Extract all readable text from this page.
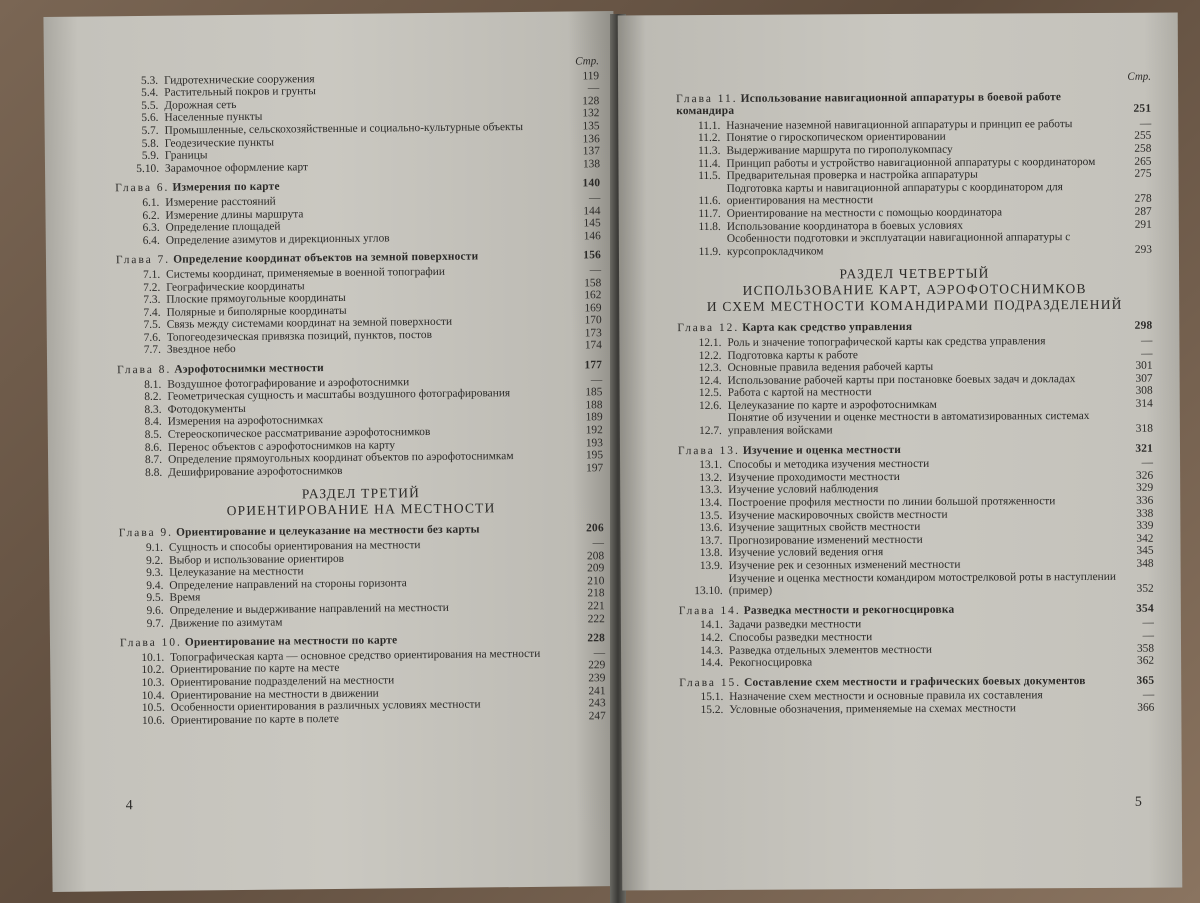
Стр.
5.3. Гидротехнические сооружения	119
5.4. Растительный покров и грунты	—
5.5. Дорожная сеть	128
5.6. Населенные пункты	132
5.7. Промышленные, сельскохозяйственные и социально-культурные объекты	135
5.8. Геодезические пункты	136
5.9. Границы	137
5.10. Зарамочное оформление карт	138
Глава 6. Измерения по карте	140
6.1. Измерение расстояний	—
6.2. Измерение длины маршрута	144
6.3. Определение площадей	145
6.4. Определение азимутов и дирекционных углов	146
Глава 7. Определение координат объектов на земной поверхности	156
7.1. Системы координат, применяемые в военной топографии	—
7.2. Географические координаты	158
7.3. Плоские прямоугольные координаты	162
7.4. Полярные и биполярные координаты	169
7.5. Связь между системами координат на земной поверхности	170
7.6. Топогеодезическая привязка позиций, пунктов, постов	173
7.7. Звездное небо	174
Глава 8. Аэрофотоснимки местности	177
8.1. Воздушное фотографирование и аэрофотоснимки	—
8.2. Геометрическая сущность и масштабы воздушного фотографирования	185
8.3. Фотодокументы	188
8.4. Измерения на аэрофотоснимках	189
8.5. Стереоскопическое рассматривание аэрофотоснимков	192
8.6. Перенос объектов с аэрофотоснимков на карту	193
8.7. Определение прямоугольных координат объектов по аэрофотоснимкам	195
8.8. Дешифрирование аэрофотоснимков	197
РАЗДЕЛ ТРЕТИЙ
ОРИЕНТИРОВАНИЕ НА МЕСТНОСТИ
Глава 9. Ориентирование и целеуказание на местности без карты	206
9.1. Сущность и способы ориентирования на местности	—
9.2. Выбор и использование ориентиров	208
9.3. Целеуказание на местности	209
9.4. Определение направлений на стороны горизонта	210
9.5. Время	218
9.6. Определение и выдерживание направлений на местности	221
9.7. Движение по азимутам	222
Глава 10. Ориентирование на местности по карте	228
10.1. Топографическая карта — основное средство ориентирования на местности	—
10.2. Ориентирование по карте на месте	229
10.3. Ориентирование подразделений на местности	239
10.4. Ориентирование на местности в движении	241
10.5. Особенности ориентирования в различных условиях местности	243
10.6. Ориентирование по карте в полете	247
4
Стр.
Глава 11. Использование навигационной аппаратуры в боевой работе командира	251
11.1. Назначение наземной навигационной аппаратуры и принцип ее работы	—
11.2. Понятие о гироскопическом ориентировании	255
11.3. Выдерживание маршрута по гирополукомпасу	258
11.4. Принцип работы и устройство навигационной аппаратуры с координатором	265
11.5. Предварительная проверка и настройка аппаратуры	275
11.6.
Подготовка карты и навигационной аппаратуры с координатором для ориентирования на местности	278
11.7. Ориентирование на местности с помощью координатора	287
11.8. Использование координатора в боевых условиях	291
11.9.
Особенности подготовки и эксплуатации навигационной аппаратуры с курсопрокладчиком	293
РАЗДЕЛ ЧЕТВЕРТЫЙ
ИСПОЛЬЗОВАНИЕ КАРТ, АЭРОФОТОСНИМКОВ
И СХЕМ МЕСТНОСТИ КОМАНДИРАМИ ПОДРАЗДЕЛЕНИЙ
Глава 12. Карта как средство управления	298
12.1. Роль и значение топографической карты как средства управления	—
12.2. Подготовка карты к работе	—
12.3. Основные правила ведения рабочей карты	301
12.4. Использование рабочей карты при постановке боевых задач и докладах	307
12.5. Работа с картой на местности	308
12.6. Целеуказание по карте и аэрофотоснимкам	314
12.7.
Понятие об изучении и оценке местности в автоматизированных системах управления войсками	318
Глава 13. Изучение и оценка местности	321
13.1. Способы и методика изучения местности	—
13.2. Изучение проходимости местности	326
13.3. Изучение условий наблюдения	329
13.4. Построение профиля местности по линии большой протяженности	336
13.5. Изучение маскировочных свойств местности	338
13.6. Изучение защитных свойств местности	339
13.7. Прогнозирование изменений местности	342
13.8. Изучение условий ведения огня	345
13.9. Изучение рек и сезонных изменений местности	348
13.10.
Изучение и оценка местности командиром мотострелковой роты в наступлении (пример)	352
Глава 14. Разведка местности и рекогносцировка	354
14.1. Задачи разведки местности	—
14.2. Способы разведки местности	—
14.3. Разведка отдельных элементов местности	358
14.4. Рекогносцировка	362
Глава 15. Составление схем местности и графических боевых документов	365
15.1. Назначение схем местности и основные правила их составления	—
15.2. Условные обозначения, применяемые на схемах местности	366
5
